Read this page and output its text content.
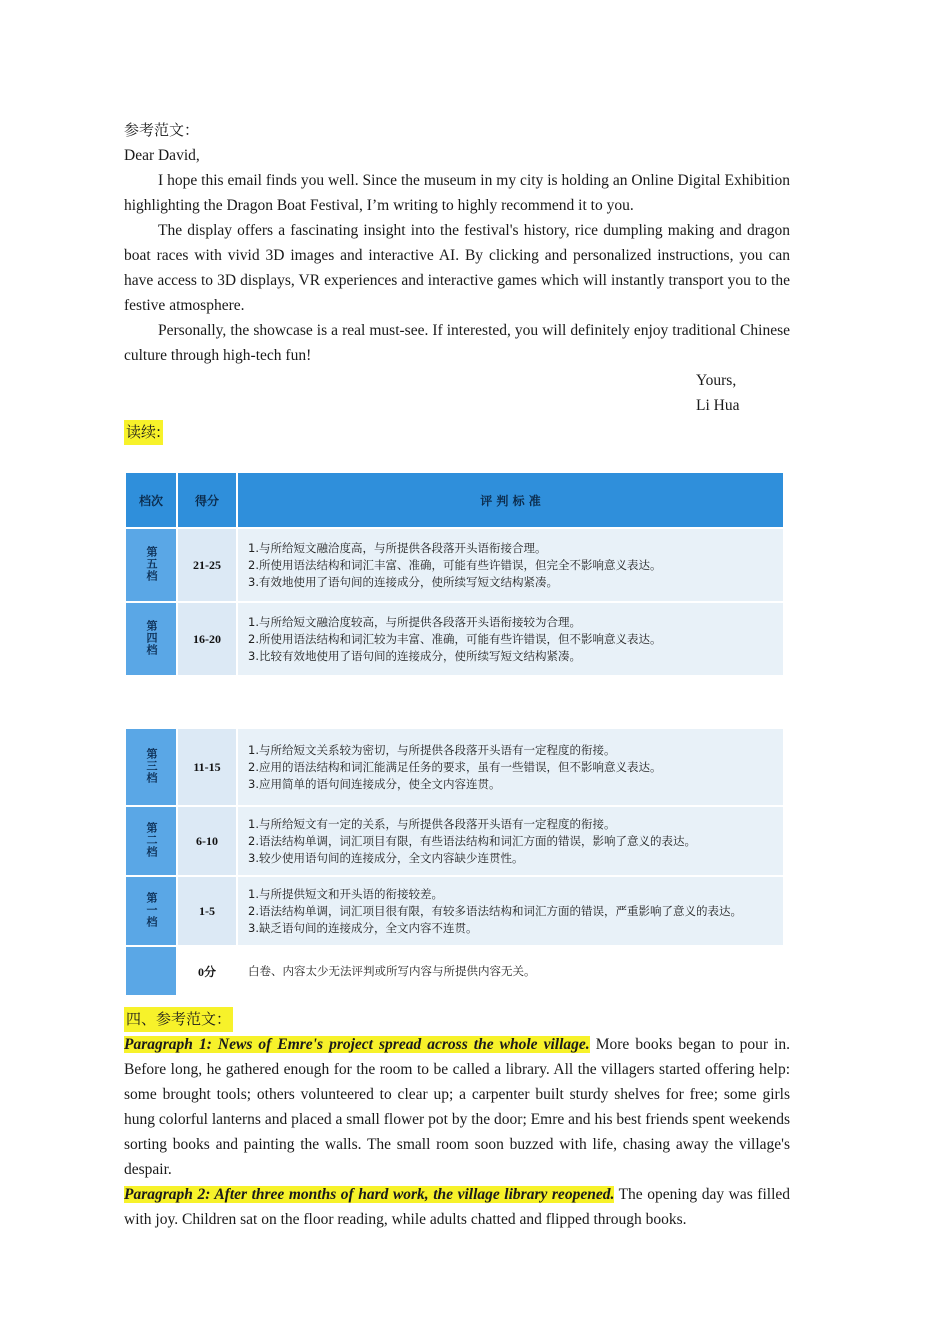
参考范文：

Dear David,

I hope this email finds you well. Since the museum in my city is holding an Online Digital Exhibition highlighting the Dragon Boat Festival, I’m writing to highly recommend it to you.

The display offers a fascinating insight into the festival's history, rice dumpling making and dragon boat races with vivid 3D images and interactive AI. By clicking and personalized instructions, you can have access to 3D displays, VR experiences and interactive games which will instantly transport you to the festive atmosphere.

Personally, the showcase is a real must-see. If interested, you will definitely enjoy traditional Chinese culture through high-tech fun!

Yours,

Li Hua

读续:
档次	得分	评 判 标 准
第五档	21-25	1.与所给短文融洽度高，与所提供各段落开头语衔接合理。
2.所使用语法结构和词汇丰富、准确，可能有些许错误，但完全不影响意义表达。
3.有效地使用了语句间的连接成分，使所续写短文结构紧凑。

第四档	16-20	1.与所给短文融洽度较高，与所提供各段落开头语衔接较为合理。
2.所使用语法结构和词汇较为丰富、准确，可能有些许错误，但不影响意义表达。
3.比较有效地使用了语句间的连接成分，使所续写短文结构紧凑。
第三档	11-15	1.与所给短文关系较为密切，与所提供各段落开头语有一定程度的衔接。
2.应用的语法结构和词汇能满足任务的要求，虽有一些错误，但不影响意义表达。
3.应用简单的语句间连接成分，使全文内容连贯。

第二档	6-10	1.与所给短文有一定的关系，与所提供各段落开头语有一定程度的衔接。
2.语法结构单调，词汇项目有限，有些语法结构和词汇方面的错误，影响了意义的表达。
3.较少使用语句间的连接成分，全文内容缺少连贯性。

第一档	1-5	1.与所提供短文和开头语的衔接较差。
2.语法结构单调，词汇项目很有限，有较多语法结构和词汇方面的错误，严重影响了意义的表达。
3.缺乏语句间的连接成分，全文内容不连贯。

	0分	白卷、内容太少无法评判或所写内容与所提供内容无关。
四、参考范文：

Paragraph 1: News of Emre's project spread across the whole village. More books began to pour in. Before long, he gathered enough for the room to be called a library. All the villagers started offering help: some brought tools; others volunteered to clear up; a carpenter built sturdy shelves for free; some girls hung colorful lanterns and placed a small flower pot by the door; Emre and his best friends spent weekends sorting books and painting the walls. The small room soon buzzed with life, chasing away the village's despair.

Paragraph 2: After three months of hard work, the village library reopened. The opening day was filled with joy. Children sat on the floor reading, while adults chatted and flipped through books.
